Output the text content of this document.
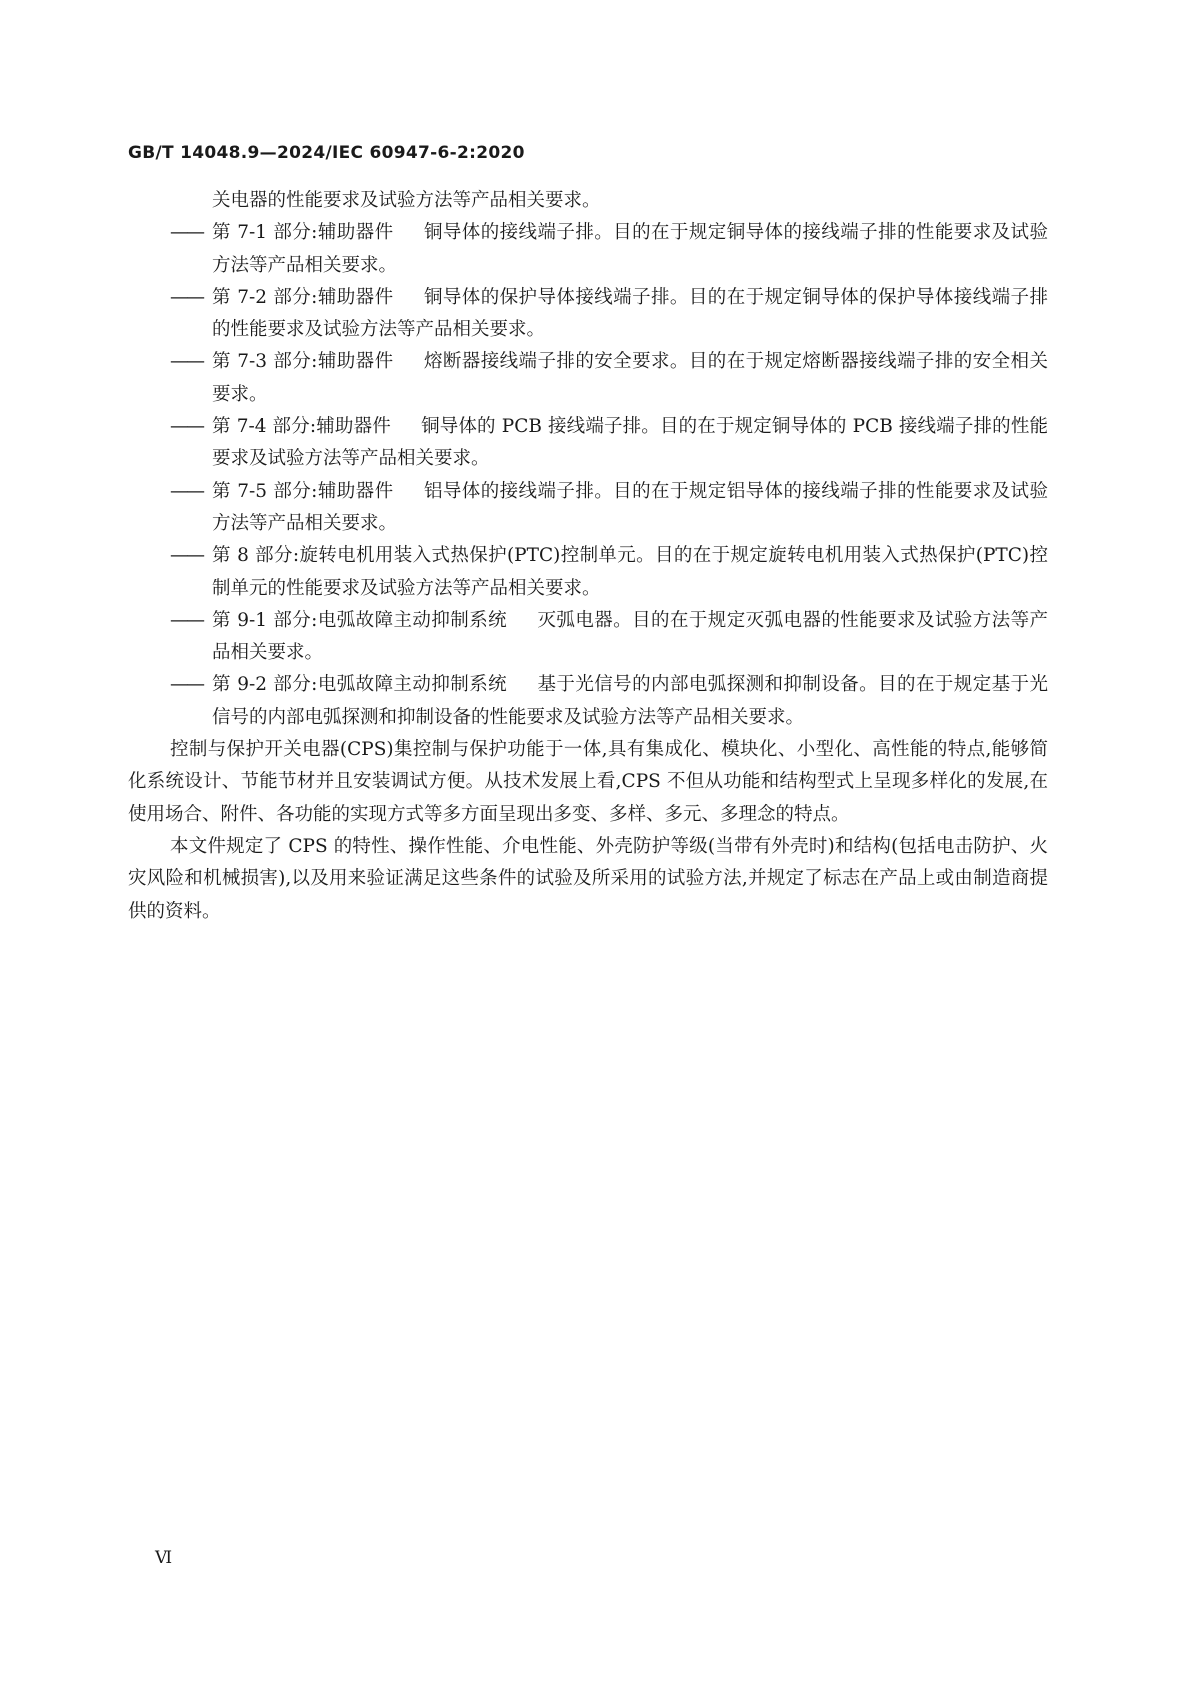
GB/T 14048.9—2024/IEC 60947-6-2:2020

关电器的性能要求及试验方法等产品相关要求。

—— 第 7-1 部分:辅助器件 铜导体的接线端子排。目的在于规定铜导体的接线端子排的性能要求及试验方法等产品相关要求。

—— 第 7-2 部分:辅助器件 铜导体的保护导体接线端子排。目的在于规定铜导体的保护导体接线端子排的性能要求及试验方法等产品相关要求。

—— 第 7-3 部分:辅助器件 熔断器接线端子排的安全要求。目的在于规定熔断器接线端子排的安全相关要求。

—— 第 7-4 部分:辅助器件 铜导体的 PCB 接线端子排。目的在于规定铜导体的 PCB 接线端子排的性能要求及试验方法等产品相关要求。

—— 第 7-5 部分:辅助器件 铝导体的接线端子排。目的在于规定铝导体的接线端子排的性能要求及试验方法等产品相关要求。

—— 第 8 部分:旋转电机用装入式热保护(PTC)控制单元。目的在于规定旋转电机用装入式热保护(PTC)控制单元的性能要求及试验方法等产品相关要求。

—— 第 9-1 部分:电弧故障主动抑制系统 灭弧电器。目的在于规定灭弧电器的性能要求及试验方法等产品相关要求。

—— 第 9-2 部分:电弧故障主动抑制系统 基于光信号的内部电弧探测和抑制设备。目的在于规定基于光信号的内部电弧探测和抑制设备的性能要求及试验方法等产品相关要求。

控制与保护开关电器(CPS)集控制与保护功能于一体,具有集成化、模块化、小型化、高性能的特点,能够简化系统设计、节能节材并且安装调试方便。从技术发展上看,CPS 不但从功能和结构型式上呈现多样化的发展,在使用场合、附件、各功能的实现方式等多方面呈现出多变、多样、多元、多理念的特点。

本文件规定了 CPS 的特性、操作性能、介电性能、外壳防护等级(当带有外壳时)和结构(包括电击防护、火灾风险和机械损害),以及用来验证满足这些条件的试验及所采用的试验方法,并规定了标志在产品上或由制造商提供的资料。

Ⅵ
